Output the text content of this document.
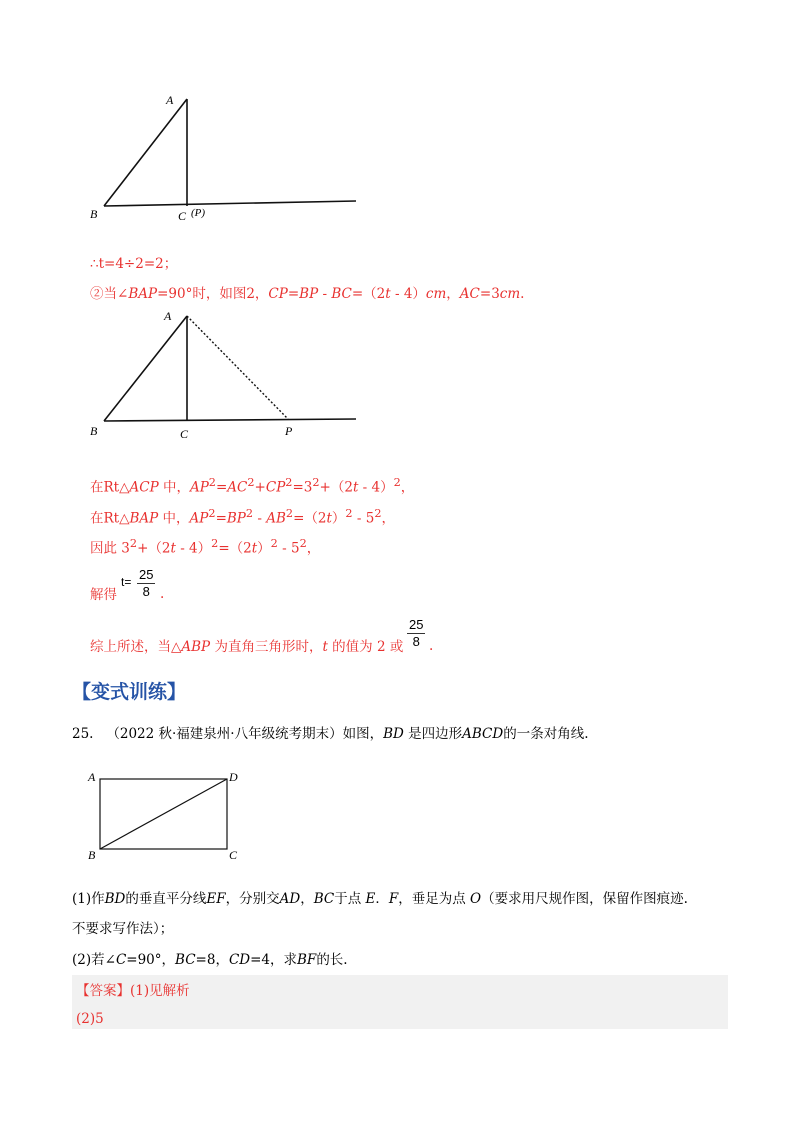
A
B	C (P)
∴t=4÷2=2；
②当∠BAP=90°时，如图2，CP=BP - BC=（2t - 4）cm，AC=3cm.
A
B	C	P
在Rt△ACP 中，$AP^2=AC^2+CP^2=3^2+(2t - 4)^2$，
在Rt△BAP 中，$AP^2=BP^2 - AB^2=(2t)^2 - 5^2$，
因此 $3^2+(2t - 4)^2=(2t)^2 - 5^2$，
解得
$t= \frac{25}{8}$ .
综上所述，当△ABP 为直角三角形时，t 的值为 2 或 $\frac{25}{8}$ .
【变式训练】
25. （2022 秋·福建泉州·八年级统考期末）如图，BD 是四边形ABCD的一条对角线.
A	D
B	C
(1)作BD的垂直平分线EF，分别交AD，BC于点 E．F，垂足为点 O（要求用尺规作图，保留作图痕迹.
不要求写作法）；
(2)若∠C=90°，BC=8，CD=4，求BF的长.
【答案】(1)见解析
(2)5
